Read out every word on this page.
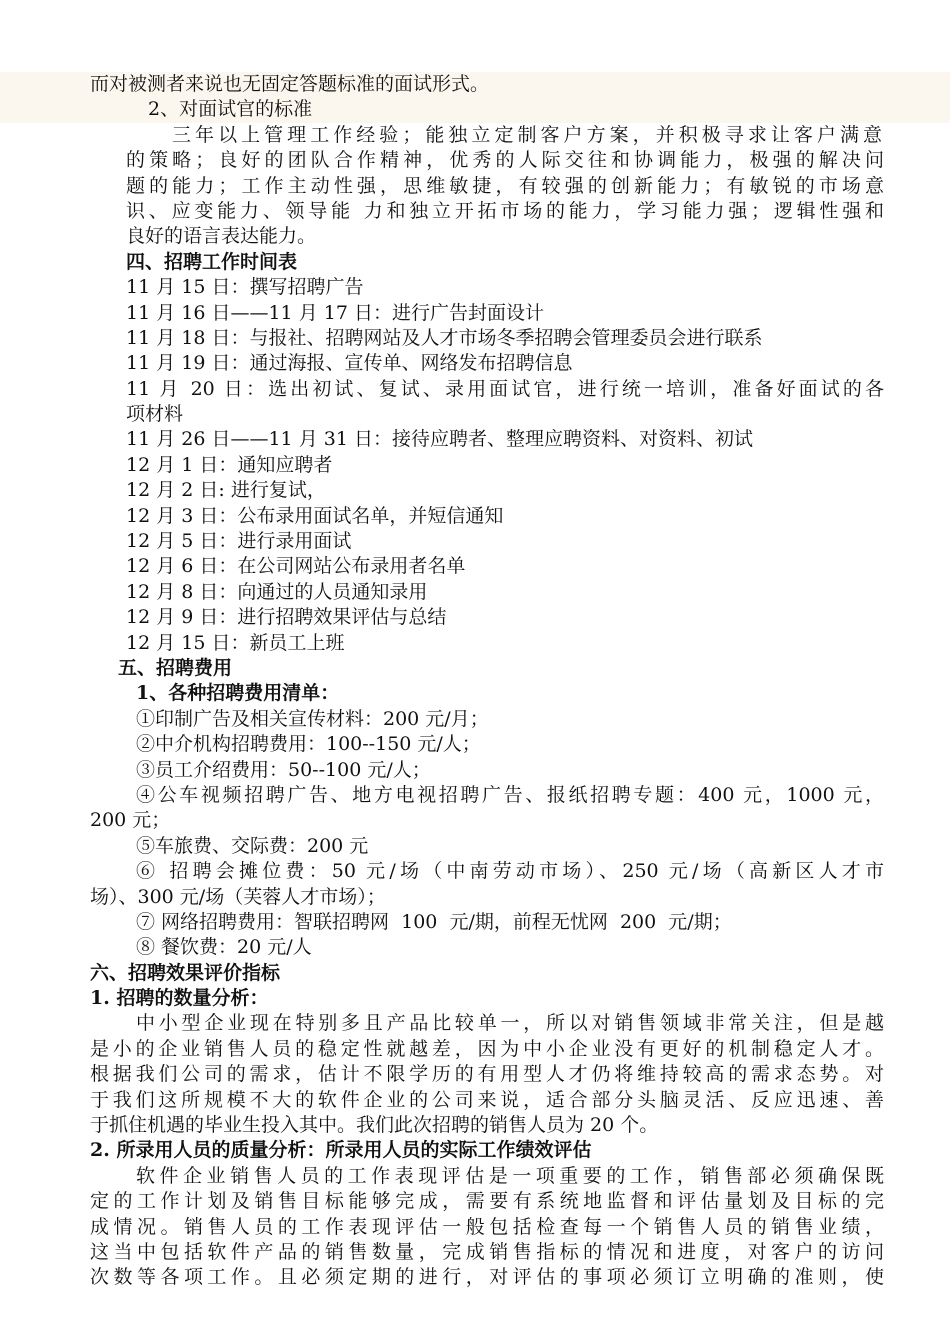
而对被测者来说也无固定答题标准的面试形式。
2、对面试官的标准
三年以上管理工作经验；能独立定制客户方案，并积极寻求让客户满意
的策略；良好的团队合作精神，优秀的人际交往和协调能力，极强的解决问
题的能力；工作主动性强，思维敏捷，有较强的创新能力；有敏锐的市场意
识、应变能力、领导能 力和独立开拓市场的能力，学习能力强；逻辑性强和
良好的语言表达能力。
四、招聘工作时间表
11 月 15 日：撰写招聘广告
11 月 16 日——11 月 17 日：进行广告封面设计
11 月 18 日：与报社、招聘网站及人才市场冬季招聘会管理委员会进行联系
11 月 19 日：通过海报、宣传单、网络发布招聘信息
11 月 20 日：选出初试、复试、录用面试官，进行统一培训，准备好面试的各
项材料
11 月 26 日——11 月 31 日：接待应聘者、整理应聘资料、对资料、初试
12 月 1 日：通知应聘者
12 月 2 日: 进行复试，
12 月 3 日：公布录用面试名单，并短信通知
12 月 5 日：进行录用面试
12 月 6 日：在公司网站公布录用者名单
12 月 8 日：向通过的人员通知录用
12 月 9 日：进行招聘效果评估与总结
12 月 15 日：新员工上班
五、招聘费用
1、各种招聘费用清单：
①印制广告及相关宣传材料：200 元/月；
②中介机构招聘费用：100--150 元/人；
③员工介绍费用：50--100 元/人；
④公车视频招聘广告、地方电视招聘广告、报纸招聘专题：400 元，1000 元，
200 元；
⑤车旅费、交际费：200 元
⑥ 招聘会摊位费：50 元/场（中南劳动市场）、250 元/场（高新区人才市
场）、300 元/场（芙蓉人才市场）；
⑦ 网络招聘费用：智联招聘网  100  元/期，前程无忧网  200  元/期；
⑧ 餐饮费：20 元/人
六、招聘效果评价指标
1. 招聘的数量分析：
中小型企业现在特别多且产品比较单一，所以对销售领域非常关注，但是越
是小的企业销售人员的稳定性就越差，因为中小企业没有更好的机制稳定人才。
根据我们公司的需求，估计不限学历的有用型人才仍将维持较高的需求态势。对
于我们这所规模不大的软件企业的公司来说，适合部分头脑灵活、反应迅速、善
于抓住机遇的毕业生投入其中。我们此次招聘的销售人员为 20 个。
2. 所录用人员的质量分析：所录用人员的实际工作绩效评估
软件企业销售人员的工作表现评估是一项重要的工作，销售部必须确保既
定的工作计划及销售目标能够完成，需要有系统地监督和评估量划及目标的完
成情况。销售人员的工作表现评估一般包括检查每一个销售人员的销售业绩，
这当中包括软件产品的销售数量，完成销售指标的情况和进度，对客户的访问
次数等各项工作。且必须定期的进行，对评估的事项必须订立明确的准则，使
